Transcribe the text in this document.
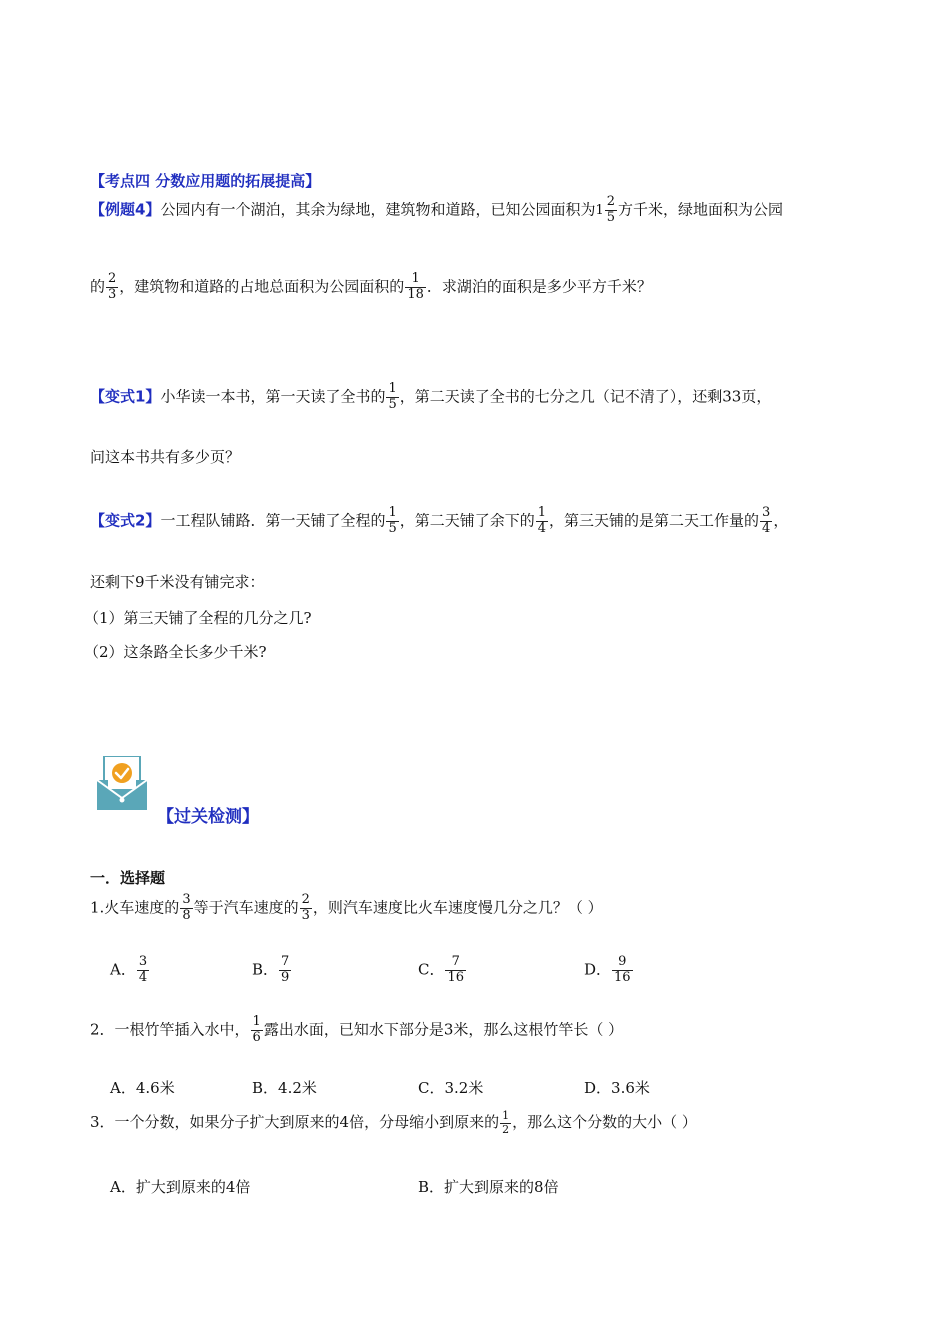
【考点四 分数应用题的拓展提高】
【例题4】公园内有一个湖泊，其余为绿地，建筑物和道路，已知公园面积为$1 \frac{2}{5}$ 方千米，绿地面积为公园
的 $\frac{2}{3}$ ，建筑物和道路的占地总面积为公园面积的 $\frac{1}{18}$ ．求湖泊的面积是多少平方千米？
【变式1】小华读一本书，第一天读了全书的 $\frac{1}{5}$ ，第二天读了全书的七分之几（记不清了），还剩33页，
问这本书共有多少页？
【变式2】一工程队铺路．第一天铺了全程的 $\frac{1}{5}$ ，第二天铺了余下的 $\frac{1}{4}$ ，第三天铺的是第二天工作量的 $\frac{3}{4}$ ，
还剩下9千米没有铺完求：
（1）第三天铺了全程的几分之几?
（2）这条路全长多少千米?
【过关检测】
一．选择题
1.火车速度的 $\frac{3}{8}$ 等于汽车速度的 $\frac{2}{3}$ ，则汽车速度比火车速度慢几分之几？（ ）
A． $\frac{3}{4}$	B． $\frac{7}{9}$	C． $\frac{7}{16}$	D． $\frac{9}{16}$
2．一根竹竿插入水中， $\frac{1}{6}$ 露出水面，已知水下部分是3米，那么这根竹竿长（ ）
A．4.6米	B．4.2米	C．3.2米	D．3.6米
3．一个分数，如果分子扩大到原来的4倍，分母缩小到原来的 $\frac{1}{2}$ ，那么这个分数的大小（ ）
A．扩大到原来的4倍	B．扩大到原来的8倍
